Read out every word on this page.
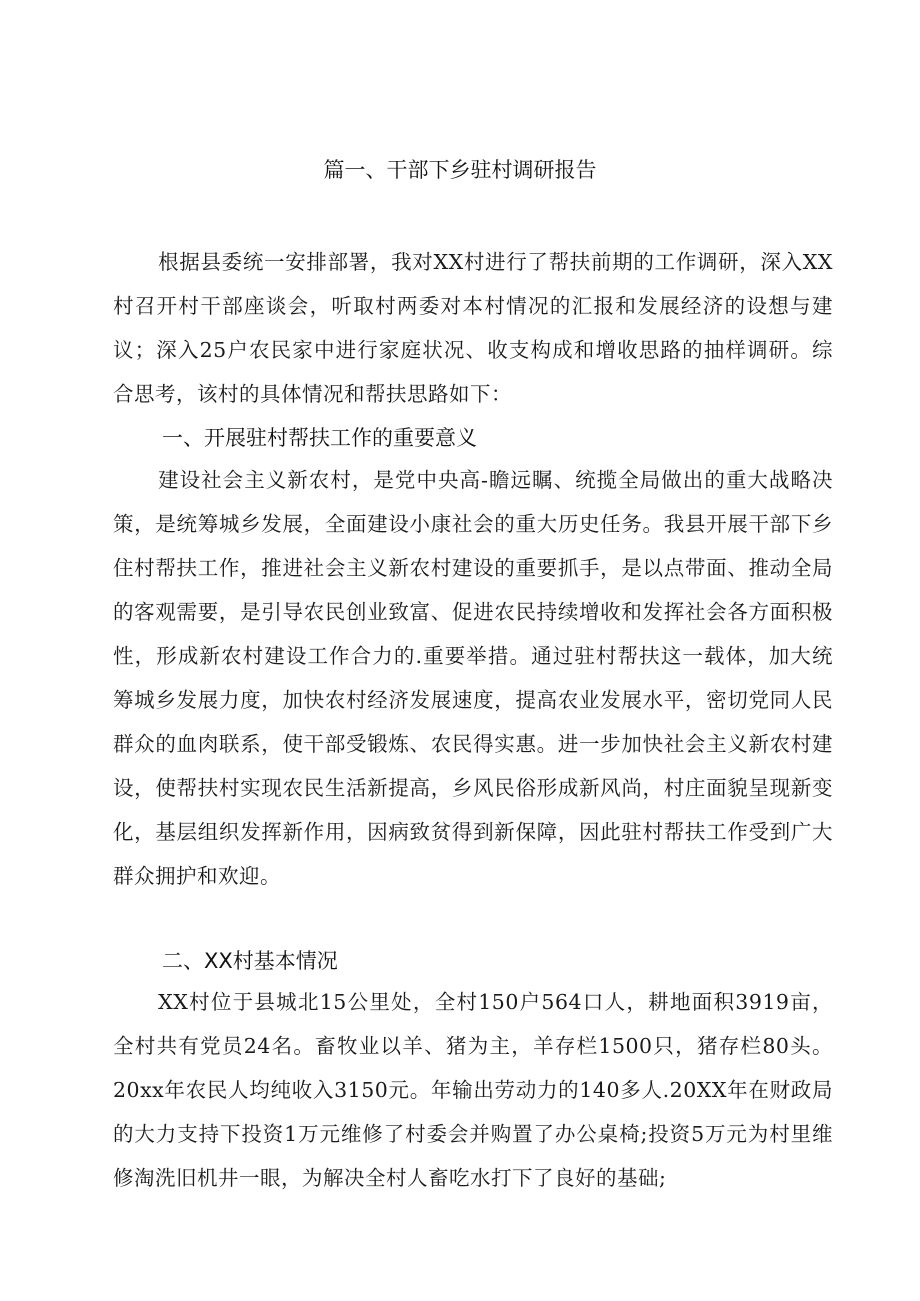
篇一、干部下乡驻村调研报告
根据县委统一安排部署，我对XX村进行了帮扶前期的工作调研，深入XX村召开村干部座谈会，听取村两委对本村情况的汇报和发展经济的设想与建议；深入25户农民家中进行家庭状况、收支构成和增收思路的抽样调研。综合思考，该村的具体情况和帮扶思路如下：
一、开展驻村帮扶工作的重要意义
建设社会主义新农村，是党中央高-瞻远瞩、统揽全局做出的重大战略决策，是统筹城乡发展，全面建设小康社会的重大历史任务。我县开展干部下乡住村帮扶工作，推进社会主义新农村建设的重要抓手，是以点带面、推动全局的客观需要，是引导农民创业致富、促进农民持续增收和发挥社会各方面积极性，形成新农村建设工作合力的.重要举措。通过驻村帮扶这一载体，加大统筹城乡发展力度，加快农村经济发展速度，提高农业发展水平，密切党同人民群众的血肉联系，使干部受锻炼、农民得实惠。进一步加快社会主义新农村建设，使帮扶村实现农民生活新提高，乡风民俗形成新风尚，村庄面貌呈现新变化，基层组织发挥新作用，因病致贫得到新保障，因此驻村帮扶工作受到广大群众拥护和欢迎。
二、XX村基本情况
XX村位于县城北15公里处，全村150户564口人，耕地面积3919亩，全村共有党员24名。畜牧业以羊、猪为主，羊存栏1500只，猪存栏80头。20xx年农民人均纯收入3150元。年输出劳动力的140多人.20XX年在财政局的大力支持下投资1万元维修了村委会并购置了办公桌椅;投资5万元为村里维修淘洗旧机井一眼，为解决全村人畜吃水打下了良好的基础;
